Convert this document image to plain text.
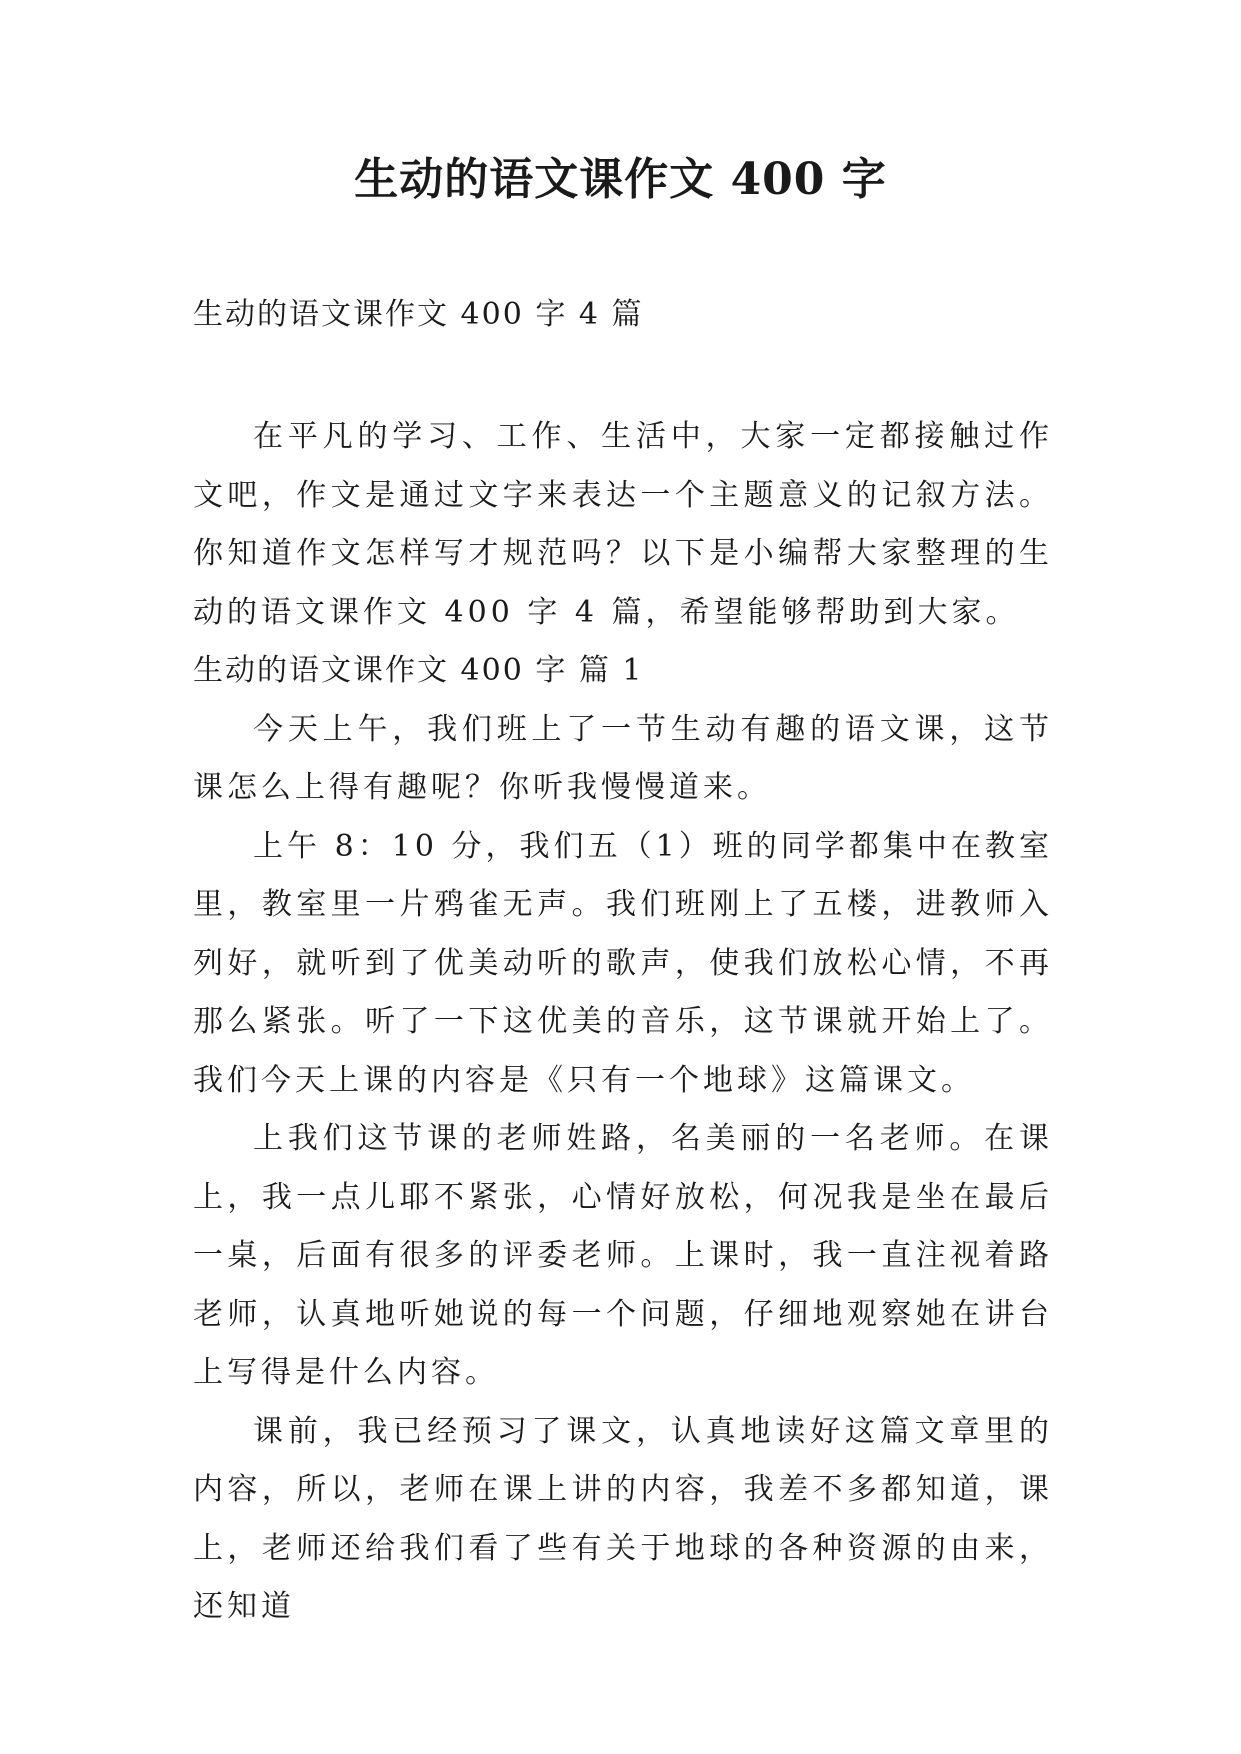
生动的语文课作文 400 字
生动的语文课作文 400 字 4 篇

在平凡的学习、工作、生活中，大家一定都接触过作文吧，作文是通过文字来表达一个主题意义的记叙方法。你知道作文怎样写才规范吗？以下是小编帮大家整理的生动的语文课作文 400 字 4 篇，希望能够帮助到大家。

生动的语文课作文 400 字 篇 1

今天上午，我们班上了一节生动有趣的语文课，这节课怎么上得有趣呢？你听我慢慢道来。

上午 8：10 分，我们五（1）班的同学都集中在教室里，教室里一片鸦雀无声。我们班刚上了五楼，进教师入列好，就听到了优美动听的歌声，使我们放松心情，不再那么紧张。听了一下这优美的音乐，这节课就开始上了。我们今天上课的内容是《只有一个地球》这篇课文。

上我们这节课的老师姓路，名美丽的一名老师。在课上，我一点儿耶不紧张，心情好放松，何况我是坐在最后一桌，后面有很多的评委老师。上课时，我一直注视着路老师，认真地听她说的每一个问题，仔细地观察她在讲台上写得是什么内容。

课前，我已经预习了课文，认真地读好这篇文章里的内容，所以，老师在课上讲的内容，我差不多都知道，课上，老师还给我们看了些有关于地球的各种资源的由来，还知道
